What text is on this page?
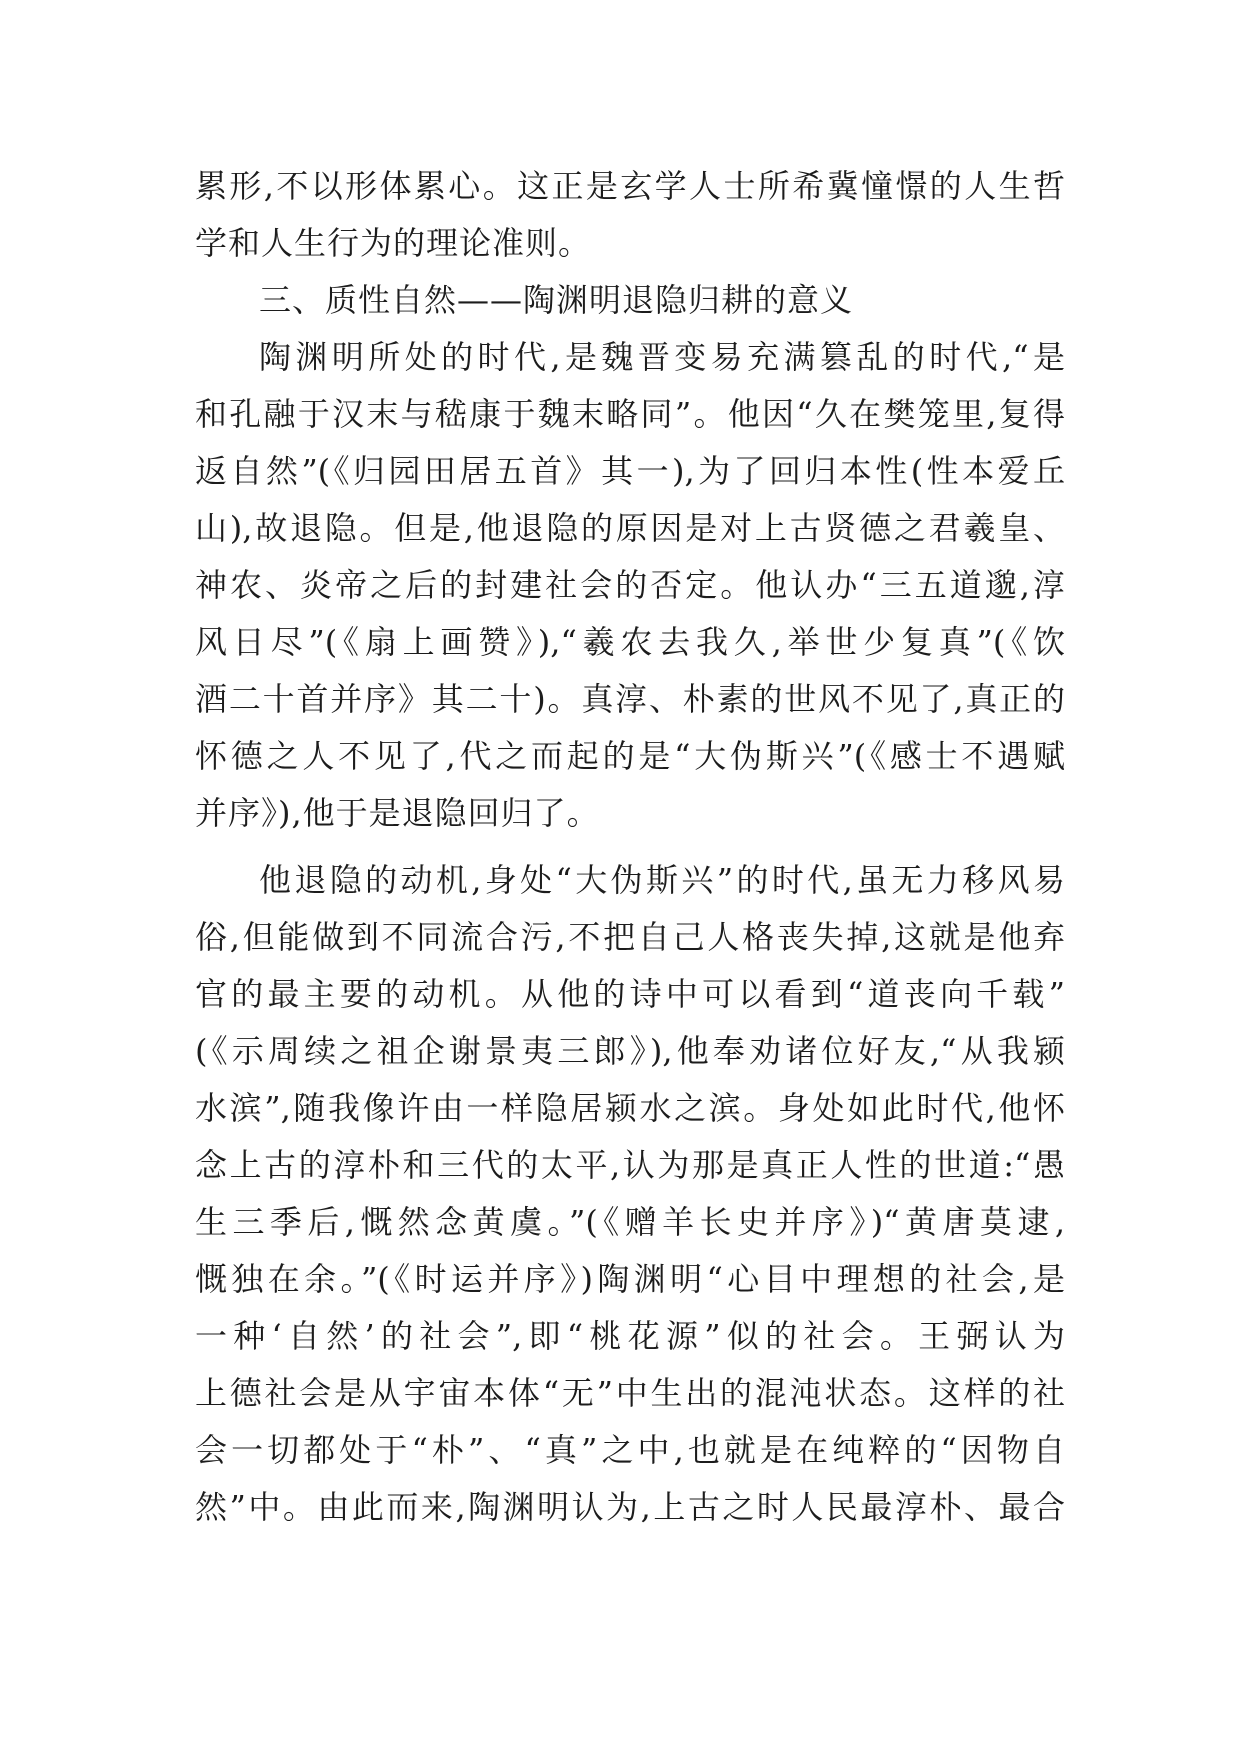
累形,不以形体累心。这正是玄学人士所希冀憧憬的人生哲
学和人生行为的理论准则。
三、质性自然——陶渊明退隐归耕的意义
陶渊明所处的时代,是魏晋变易充满篡乱的时代,“是
和孔融于汉末与嵇康于魏末略同”。他因“久在樊笼里,复得
返自然”(《归园田居五首》其一),为了回归本性(性本爱丘
山),故退隐。但是,他退隐的原因是对上古贤德之君羲皇、
神农、炎帝之后的封建社会的否定。他认办“三五道邈,淳
风日尽”(《扇上画赞》),“羲农去我久,举世少复真”(《饮
酒二十首并序》其二十)。真淳、朴素的世风不见了,真正的
怀德之人不见了,代之而起的是“大伪斯兴”(《感士不遇赋
并序》),他于是退隐回归了。
他退隐的动机,身处“大伪斯兴”的时代,虽无力移风易
俗,但能做到不同流合污,不把自己人格丧失掉,这就是他弃
官的最主要的动机。从他的诗中可以看到“道丧向千载”
(《示周续之祖企谢景夷三郎》),他奉劝诸位好友,“从我颍
水滨”,随我像许由一样隐居颍水之滨。身处如此时代,他怀
念上古的淳朴和三代的太平,认为那是真正人性的世道:“愚
生三季后,慨然念黄虞。”(《赠羊长史并序》)“黄唐莫逮,
慨独在余。”(《时运并序》)陶渊明“心目中理想的社会,是
一种‘自然’的社会”,即“桃花源”似的社会。王弼认为
上德社会是从宇宙本体“无”中生出的混沌状态。这样的社
会一切都处于“朴”、“真”之中,也就是在纯粹的“因物自
然”中。由此而来,陶渊明认为,上古之时人民最淳朴、最合
